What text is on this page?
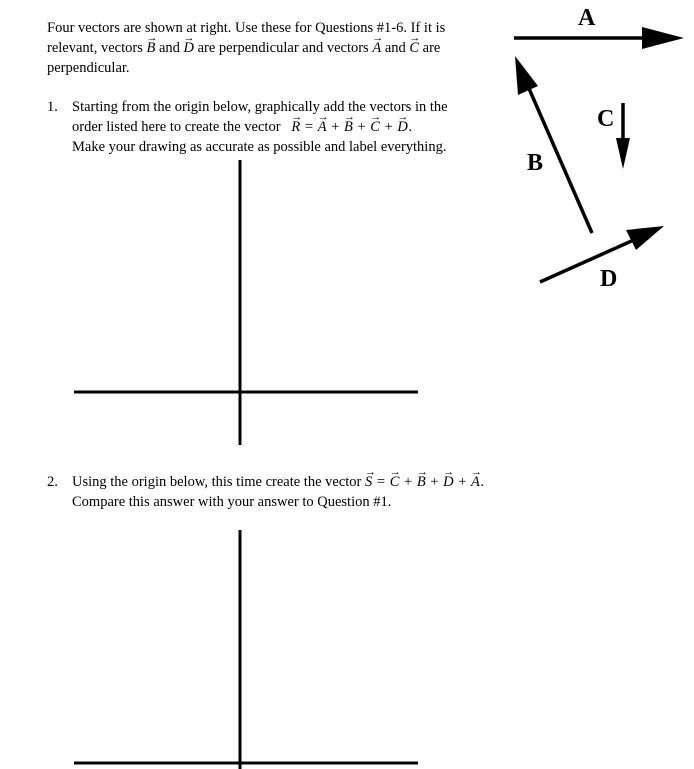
Four vectors are shown at right. Use these for Questions #1-6. If it is
relevant, vectors → B and → D are perpendicular and vectors → A and → C are
perpendicular.
1. Starting from the origin below, graphically add the vectors in the
order listed here to create the vector → R = → A + → B + → C + → D.
Make your drawing as accurate as possible and label everything.
2. Using the origin below, this time create the vector → S = → C + → B + → D + → A.
Compare this answer with your answer to Question #1.
A
B
C
D
